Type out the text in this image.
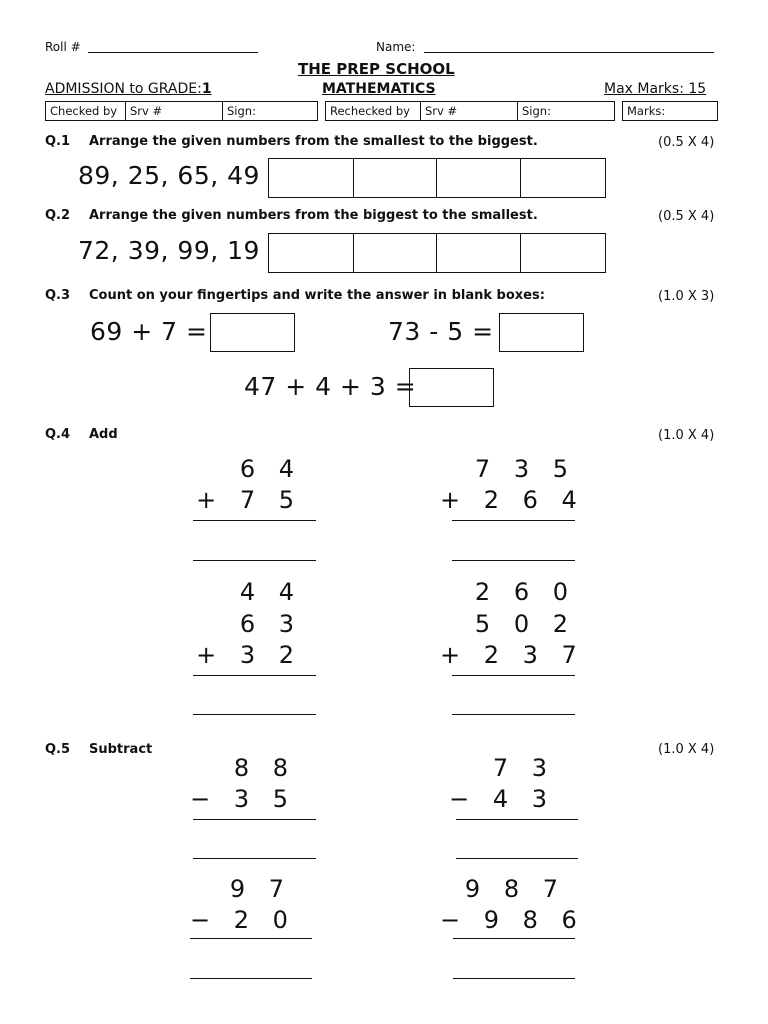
Roll #	Name:
THE PREP SCHOOL
ADMISSION to GRADE:1	MATHEMATICS	Max Marks: 15
Checked by	Srv #	Sign:	Rechecked by	Srv #	Sign:	Marks:
Q.1 Arrange the given numbers from the smallest to the biggest.	(0.5 X 4)
89, 25, 65, 49
Q.2 Arrange the given numbers from the biggest to the smallest.	(0.5 X 4)
72, 39, 99, 19
Q.3 Count on your fingertips and write the answer in blank boxes:	(1.0 X 3)
69 + 7 =	73 - 5 =
47 + 4 + 3 =
Q.4 Add	(1.0 X 4)
6 4
+ 7 5
7 3 5
+ 2 6 4
4 4
6 3
+ 3 2
2 6 0
5 0 2
+ 2 3 7
Q.5 Subtract	(1.0 X 4)
8 8
− 3 5
7 3
− 4 3
9 7
− 2 0
9 8 7
− 9 8 6
